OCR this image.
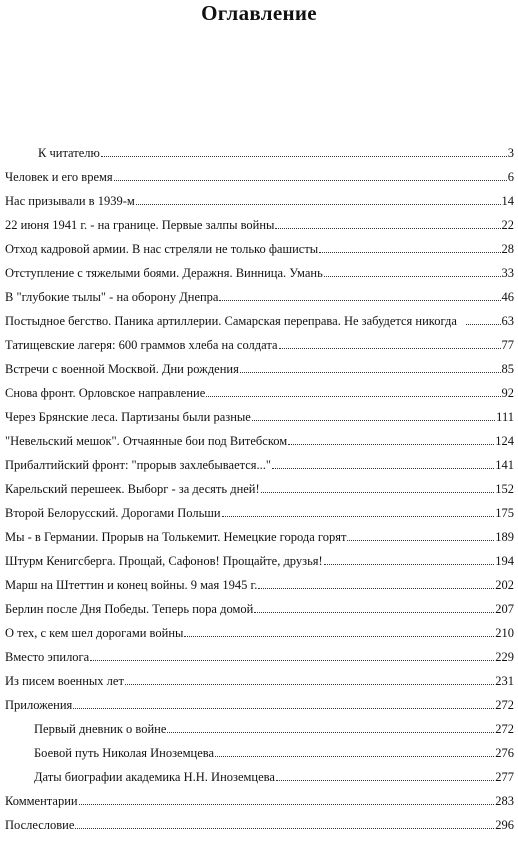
Оглавление
К читателю	3
Человек и его время	6
Нас призывали в 1939-м	14
22 июня 1941 г. - на границе. Первые залпы войны	22
Отход кадровой армии. В нас стреляли не только фашисты	28
Отступление с тяжелыми боями. Деражня. Винница. Умань	33
В "глубокие тылы" - на оборону Днепра	46
Постыдное бегство. Паника артиллерии. Самарская переправа. Не забудется никогда	63
Татищевские лагеря: 600 граммов хлеба на солдата	77
Встречи с военной Москвой. Дни рождения	85
Снова фронт. Орловское направление	92
Через Брянские леса. Партизаны были разные	111
"Невельский мешок". Отчаянные бои под Витебском	124
Прибалтийский фронт: "прорыв захлебывается..."	141
Карельский перешеек. Выборг - за десять дней!	152
Второй Белорусский. Дорогами Польши	175
Мы - в Германии. Прорыв на Толькемит. Немецкие города горят	189
Штурм Кенигсберга. Прощай, Сафонов! Прощайте, друзья!	194
Марш на Штеттин и конец войны. 9 мая 1945 г.	202
Берлин после Дня Победы. Теперь пора домой	207
О тех, с кем шел дорогами войны	210
Вместо эпилога	229
Из писем военных лет	231
Приложения	272
Первый дневник о войне	272
Боевой путь Николая Иноземцева	276
Даты биографии академика Н.Н. Иноземцева	277
Комментарии	283
Послесловие	296
